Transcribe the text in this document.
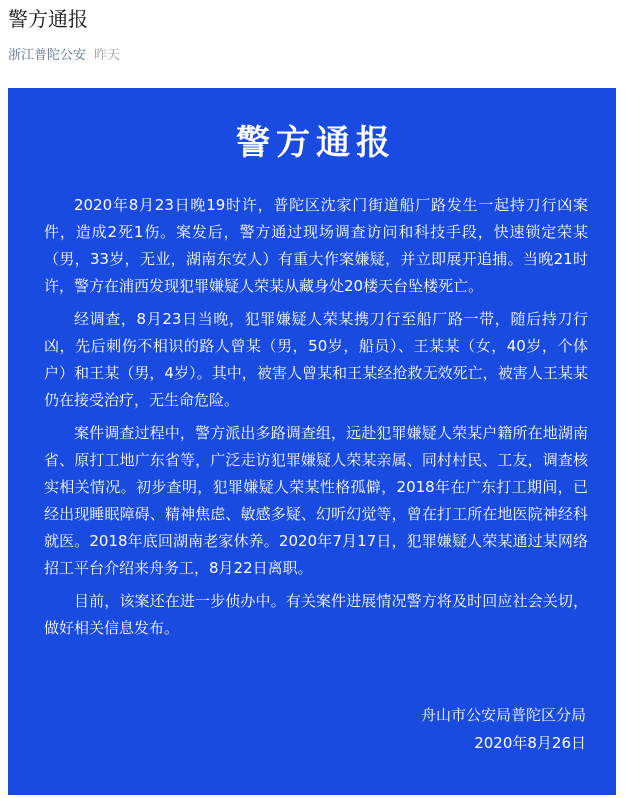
警方通报
浙江普陀公安 昨天
警方通报

2020年8月23日晚19时许，普陀区沈家门街道船厂路发生一起持刀行凶案件，造成2死1伤。案发后，警方通过现场调查访问和科技手段，快速锁定荣某（男，33岁，无业，湖南东安人）有重大作案嫌疑，并立即展开追捕。当晚21时许，警方在浦西发现犯罪嫌疑人荣某从藏身处20楼天台坠楼死亡。

经调查，8月23日当晚，犯罪嫌疑人荣某携刀行至船厂路一带，随后持刀行凶，先后刺伤不相识的路人曾某（男，50岁，船员）、王某某（女，40岁，个体户）和王某（男，4岁）。其中，被害人曾某和王某经抢救无效死亡，被害人王某某仍在接受治疗，无生命危险。

案件调查过程中，警方派出多路调查组，远赴犯罪嫌疑人荣某户籍所在地湖南省、原打工地广东省等，广泛走访犯罪嫌疑人荣某亲属、同村村民、工友，调查核实相关情况。初步查明，犯罪嫌疑人荣某性格孤僻，2018年在广东打工期间，已经出现睡眠障碍、精神焦虑、敏感多疑、幻听幻觉等，曾在打工所在地医院神经科就医。2018年底回湖南老家休养。2020年7月17日，犯罪嫌疑人荣某通过某网络招工平台介绍来舟务工，8月22日离职。

目前，该案还在进一步侦办中。有关案件进展情况警方将及时回应社会关切，做好相关信息发布。

舟山市公安局普陀区分局
2020年8月26日
